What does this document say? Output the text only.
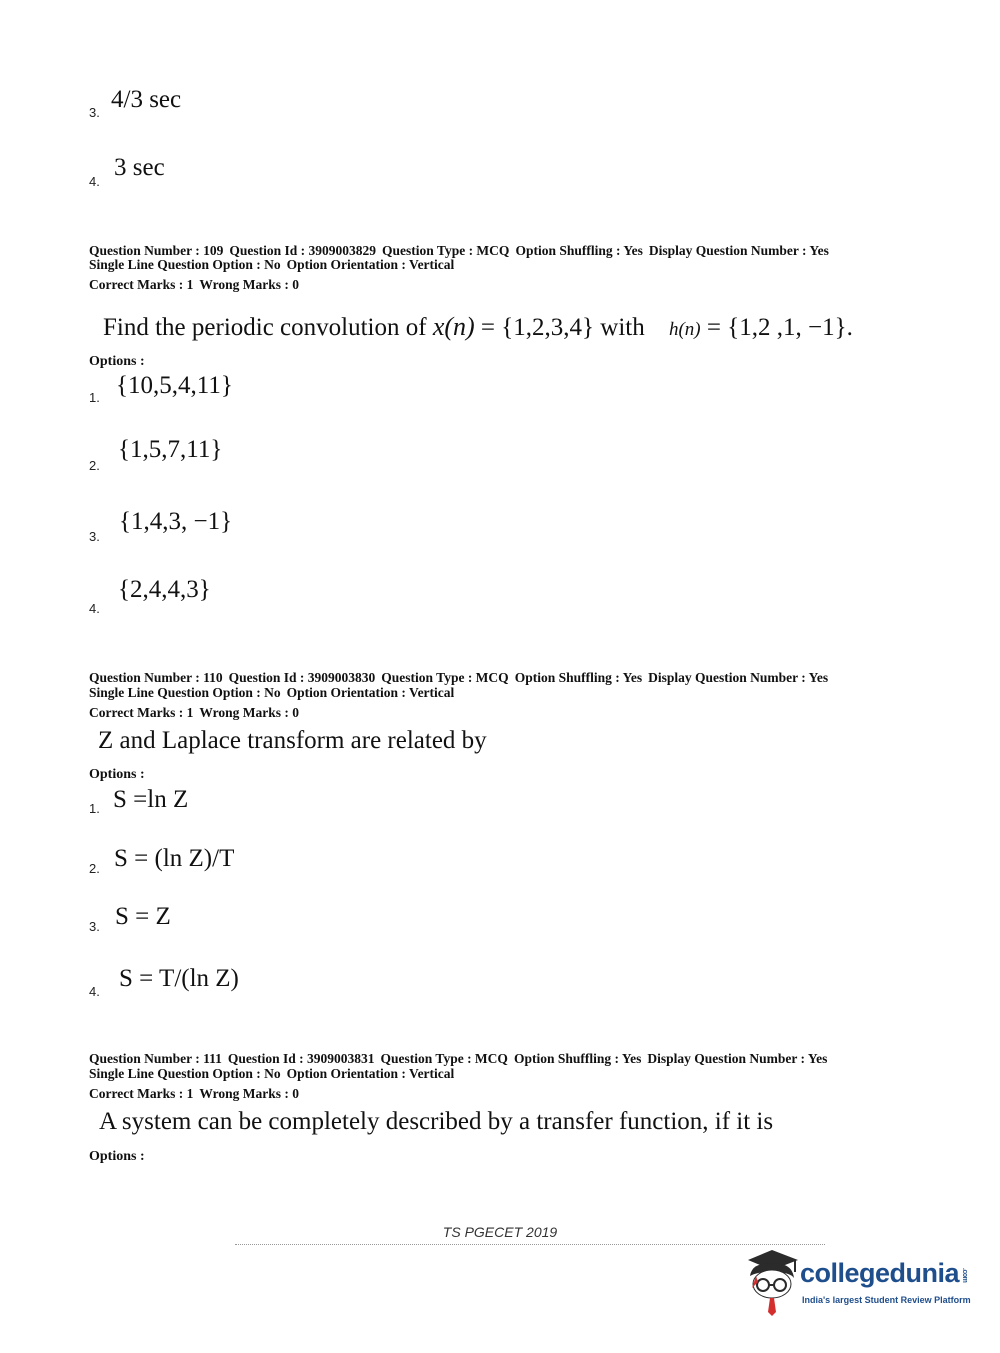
3. 4/3 sec
4.
3 sec
Question Number : 109 Question Id : 3909003829 Question Type : MCQ Option Shuffling : Yes Display Question Number : Yes
Single Line Question Option : No Option Orientation : Vertical
Correct Marks : 1 Wrong Marks : 0
Find the periodic convolution of x(n) = {1,2,3,4} with h(n) = {1,2 ,1, −1}.
Options :
1. {10,5,4,11}
2.
{1,5,7,11}
3.
{1,4,3, −1}
4.
{2,4,4,3}
Question Number : 110 Question Id : 3909003830 Question Type : MCQ Option Shuffling : Yes Display Question Number : Yes
Single Line Question Option : No Option Orientation : Vertical
Correct Marks : 1 Wrong Marks : 0
Z and Laplace transform are related by
Options :
1. S =ln Z
2. S = (ln Z)/T
3. S = Z
4. S = T/(ln Z)
Question Number : 111 Question Id : 3909003831 Question Type : MCQ Option Shuffling : Yes Display Question Number : Yes
Single Line Question Option : No Option Orientation : Vertical
Correct Marks : 1 Wrong Marks : 0
A system can be completely described by a transfer function, if it is
Options :
TS PGECET 2019
collegedunia .com
India's largest Student Review Platform
